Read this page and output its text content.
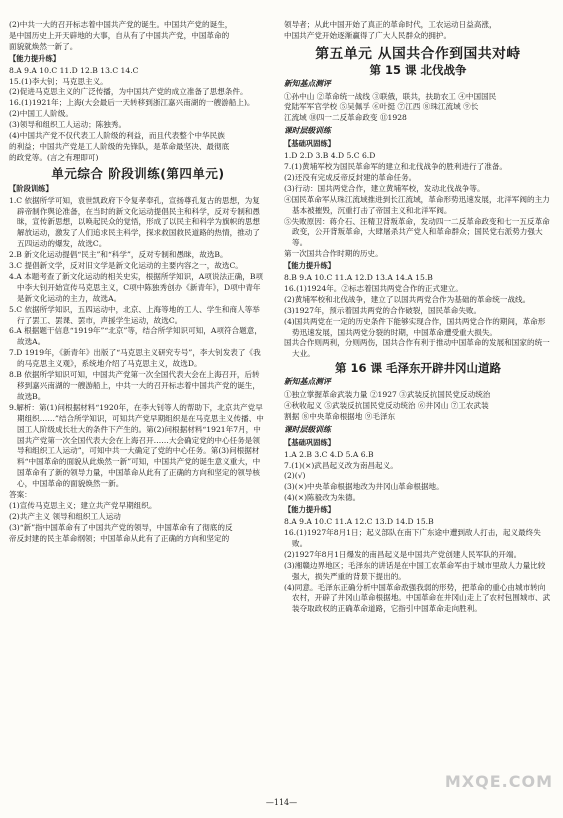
(2)中共一大的召开标志着中国共产党的诞生。中国共产党的诞生，

是中国历史上开天辟地的大事，自从有了中国共产党，中国革命的

面貌就焕然一新了。

【能力提升练】

8.A 9.A 10.C 11.D 12.B 13.C 14.C

15.(1)李大钊；马克思主义。

(2)促进马克思主义的广泛传播，为中国共产党的成立准备了思想条件。

16.(1)1921年；上海(大会最后一天转移到浙江嘉兴南湖的一艘游船上)。

(2)中国工人阶级。

(3)领导和组织工人运动；陈独秀。

(4)中国共产党不仅代表工人阶级的利益，而且代表整个中华民族

的利益；中国共产党是工人阶级的先锋队，是革命最坚决、最彻底

的政党等。(言之有理即可)

单元综合 阶段训练(第四单元)
【阶段训练】

1.C 依据所学可知，袁世凯政府下令复孝奉孔，宣扬尊孔复古的思想，为复辟帝制作舆论准备，在当时的新文化运动提倡民主和科学，反对专制和愚昧，宣传新思想，以唤起民众的觉悟，形成了以民主和科学为旗帜的思想解放运动，激发了人们追求民主科学，探求救国救民道路的热情，推动了五四运动的爆发，故选C。

2.B 新文化运动提倡“民主”和“科学”，反对专制和愚昧，故选B。

3.C 提倡新文学，反对旧文学是新文化运动的主要内容之一，故选C。

4.A 本题考查了新文化运动的相关史实，根据所学知识，A项说法正确，B项中李大钊开始宣传马克思主义，C项中陈独秀创办《新青年》，D项中青年是新文化运动的主力，故选A。

5.C 依据所学知识，五四运动中，北京、上海等地的工人、学生和商人等举行了罢工、罢课、罢市，声援学生运动，故选C。

6.A 根据题干信息“1919年”“北京”等，结合所学知识可知，A项符合题意，故选A。

7.D 1919年，《新青年》出版了“马克思主义研究专号”，李大钊发表了《我的马克思主义观》，系统地介绍了马克思主义，故选D。

8.B 依据所学知识可知，中国共产党第一次全国代表大会在上海召开，后转移到嘉兴南湖的一艘游船上，中共一大的召开标志着中国共产党的诞生，故选B。

9.解析：第(1)问根据材料“1920年，在李大钊等人的帮助下，北京共产党早期组织……”结合所学知识，可知共产党早期组织是在马克思主义传播、中国工人阶级成长壮大的条件下产生的。第(2)问根据材料“1921年7月，中国共产党第一次全国代表大会在上海召开……大会确定党的中心任务是领导和组织工人运动”，可知中共一大确定了党的中心任务。第(3)问根据材料“中国革命的面貌从此焕然一新”可知，中国共产党的诞生意义重大，中国革命有了新的领导力量，中国革命从此有了正确的方向和坚定的领导核心，中国革命的面貌焕然一新。

答案：

(1)宣传马克思主义；建立共产党早期组织。

(2)共产主义 领导和组织工人运动

(3)“新”指中国革命有了中国共产党的领导，中国革命有了彻底的反

帝反封建的民主革命纲领；中国革命从此有了正确的方向和坚定的

领导者；从此中国开始了真正的革命时代，工农运动日益高涨，

中国共产党开始逐渐赢得了广大人民群众的拥护。

第五单元 从国共合作到国共对峙
第 15 课 北伐战争
新知基点测评

①孙中山 ②革命统一战线 ③联俄，联共，扶助农工 ④中国国民

党陆军军官学校 ⑤吴佩孚 ⑥叶挺 ⑦江西 ⑧珠江流域 ⑨长

江流域 ⑩四一二反革命政变 ⑪1928

课时层级训练
【基础巩固练】

1.D 2.D 3.B 4.D 5.C 6.D

7.(1)黄埔军校为国民革命军的建立和北伐战争的胜利进行了准备。

(2)还没有完成反帝反封建的革命任务。

(3)行动：国共两党合作，建立黄埔军校，发动北伐战争等。

④国民革命军从珠江流域推进到长江流域，革命形势迅速发展，北洋军阀的主力基本被摧毁，沉重打击了帝国主义和北洋军阀。

⑤失败原因：蒋介石、汪精卫背叛革命，发动四一二反革命政变和七一五反革命政变，公开背叛革命，大肆屠杀共产党人和革命群众；国民党右派势力强大等。

第一次国共合作时期的历史。

【能力提升练】

8.B 9.A 10.C 11.A 12.D 13.A 14.A 15.B

16.(1)1924年。②标志着国共两党合作的正式建立。

(2)黄埔军校和北伐战争，建立了以国共两党合作为基础的革命统一战线。

(3)1927年，预示着国共两党的合作破裂，国民革命失败。

(4)国共两党在一定的历史条件下能够实现合作，国共两党合作的期间，革命形势迅速发展，国共两党分裂的时期，中国革命遭受重大损失。

国共合作则两利，分则两伤，国共合作有利于推动中国革命的发展和国家的统一大业。

第 16 课 毛泽东开辟井冈山道路
新知基点测评

①独立掌握革命武装力量 ②1927 ③武装反抗国民党反动统治

④秋收起义 ⑤武装反抗国民党反动统治 ⑥井冈山 ⑦工农武装

割据 ⑧中央革命根据地 ⑨毛泽东

课时层级训练
【基础巩固练】

1.A 2.B 3.C 4.D 5.A 6.B

7.(1)(×)武昌起义改为南昌起义。

(2)(√)

(3)(×)中央革命根据地改为井冈山革命根据地。

(4)(×)陈毅改为朱德。

【能力提升练】

8.A 9.A 10.C 11.A 12.C 13.D 14.D 15.B

16.(1)1927年8月1日；起义部队在南下广东途中遭到敌人打击，起义最终失败。

(2)1927年8月1日爆发的南昌起义是中国共产党创建人民军队的开端。

(3)湘赣边界地区；毛泽东的讲话是在中国工农革命军由于城市里敌人力量比较强大，损失严重的背景下提出的。

(4)同意。毛泽东正确分析中国革命敌强我弱的形势，把革命的重心由城市转向农村，开辟了井冈山革命根据地。中国革命在井冈山走上了农村包围城市、武装夺取政权的正确革命道路，它指引中国革命走向胜利。

—114—
MXQE.COM
